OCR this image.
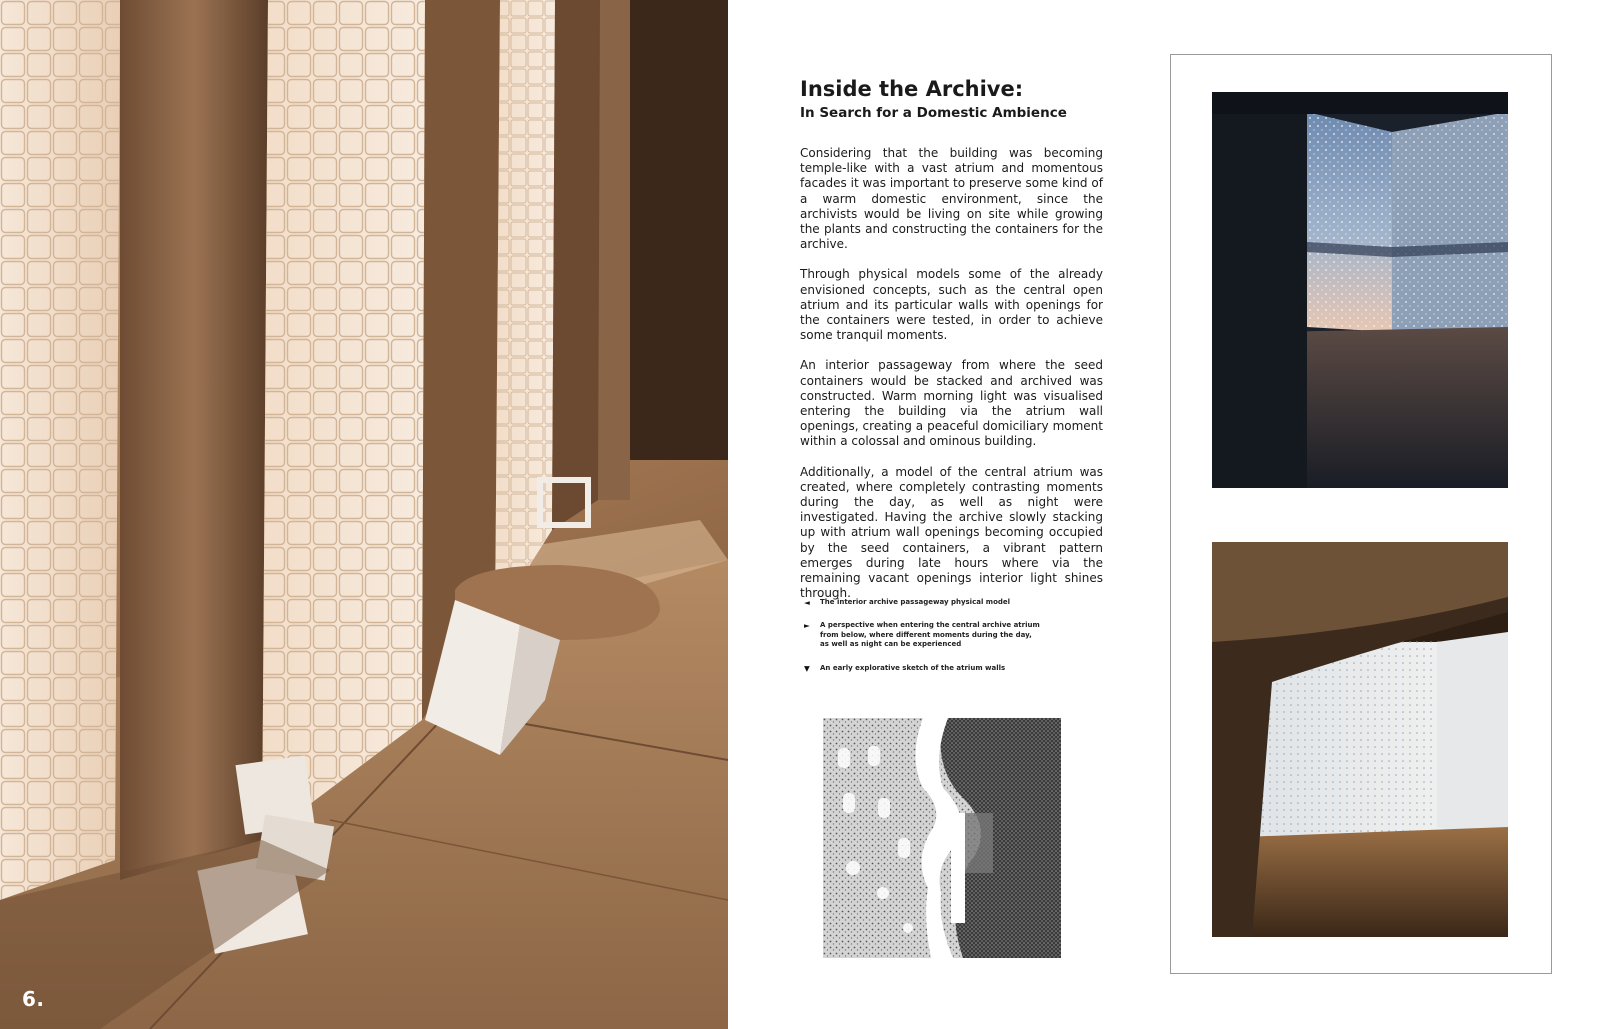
6.
Inside the Archive:
In Search for a Domestic Ambience

Considering that the building was becoming temple-like with a vast atrium and momentous facades it was important to preserve some kind of a warm domestic environment, since the archivists would be living on site while growing the plants and constructing the containers for the archive.

Through physical models some of the already envisioned concepts, such as the central open atrium and its particular walls with openings for the containers were tested, in order to achieve some tranquil moments.

An interior passageway from where the seed containers would be stacked and archived was constructed. Warm morning light was visualised entering the building via the atrium wall openings, creating a peaceful domiciliary moment within a colossal and ominous building.

Additionally, a model of the central atrium was created, where completely contrasting moments during the day, as well as night were investigated. Having the archive slowly stacking up with atrium wall openings becoming occupied by the seed containers, a vibrant pattern emerges during late hours where via the remaining vacant openings interior light shines through.

◄ The interior archive passageway physical model
► A perspective when entering the central archive atrium from below, where different moments during the day, as well as night can be experienced
▼ An early explorative sketch of the atrium walls
